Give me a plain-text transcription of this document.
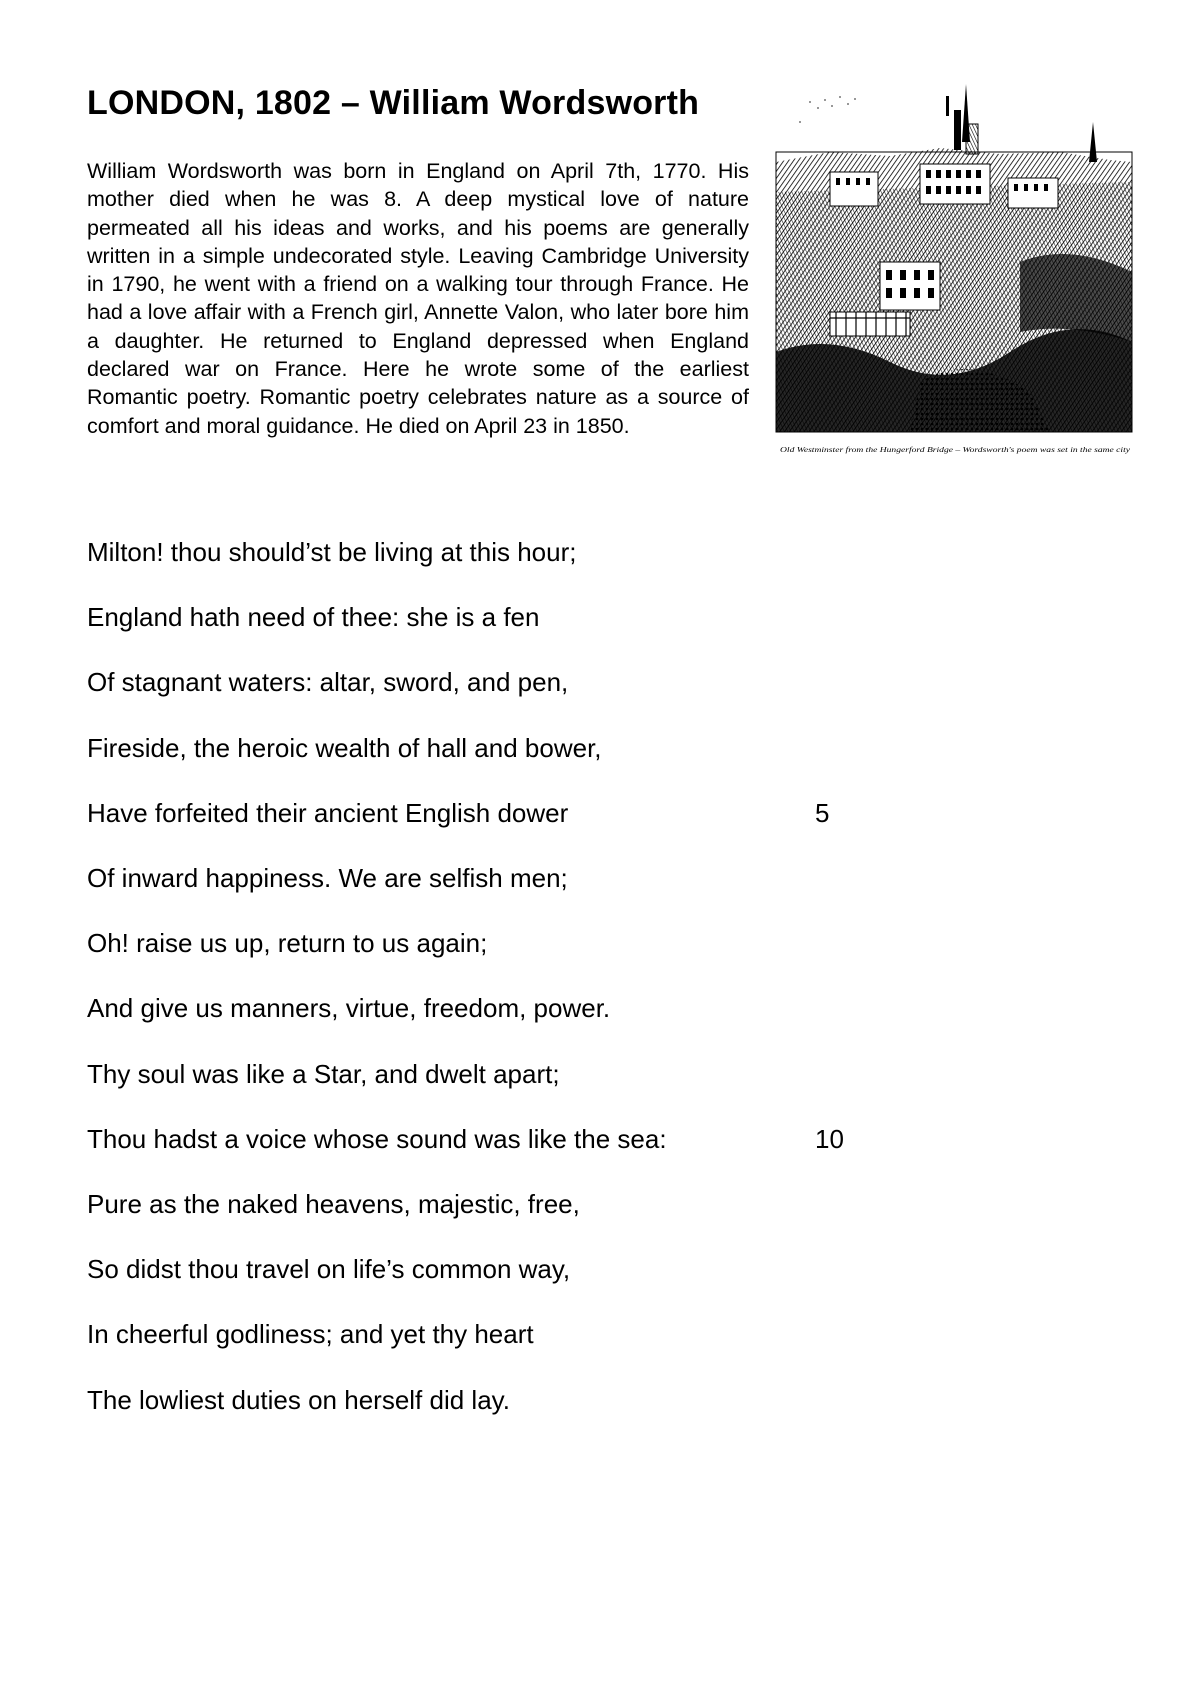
LONDON, 1802 – William Wordsworth

William Wordsworth was born in England on April 7th, 1770. His mother died when he was 8. A deep mystical love of nature permeated all his ideas and works, and his poems are generally written in a simple undecorated style. Leaving Cambridge University in 1790, he went with a friend on a walking tour through France. He had a love affair with a French girl, Annette Valon, who later bore him a daughter. He returned to England depressed when England declared war on France. Here he wrote some of the earliest Romantic poetry. Romantic poetry celebrates nature as a source of comfort and moral guidance. He died on April 23 in 1850.

Old Westminster from the Hungerford Bridge – Wordsworth's poem was set in the same city
Milton! thou should’st be living at this hour;
England hath need of thee: she is a fen
Of stagnant waters: altar, sword, and pen,
Fireside, the heroic wealth of hall and bower,
Have forfeited their ancient English dower
Of inward happiness. We are selfish men;
Oh! raise us up, return to us again;
And give us manners, virtue, freedom, power.
Thy soul was like a Star, and dwelt apart;
Thou hadst a voice whose sound was like the sea:
Pure as the naked heavens, majestic, free,
So didst thou travel on life’s common way,
In cheerful godliness; and yet thy heart
The lowliest duties on herself did lay.
5
10
